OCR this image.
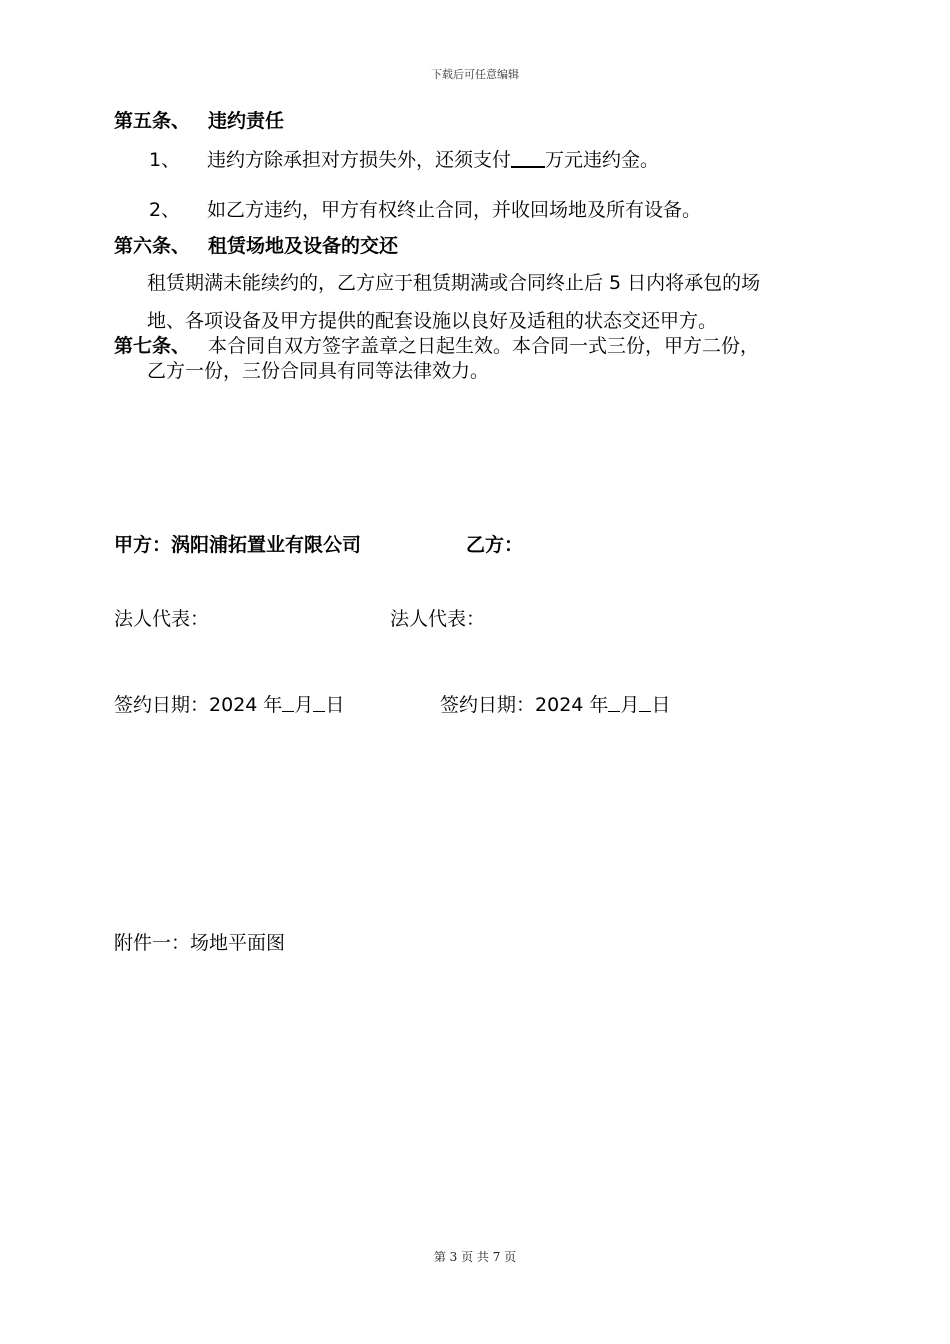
下载后可任意编辑
第五条、 违约责任
1、 违约方除承担对方损失外，还须支付 万元违约金。
2、 如乙方违约，甲方有权终止合同，并收回场地及所有设备。
第六条、 租赁场地及设备的交还
租赁期满未能续约的，乙方应于租赁期满或合同终止后 5 日内将承包的场
地、各项设备及甲方提供的配套设施以良好及适租的状态交还甲方。
第七条、 本合同自双方签字盖章之日起生效。本合同一式三份，甲方二份，
乙方一份，三份合同具有同等法律效力。
甲方：涡阳浦拓置业有限公司	乙方：
法人代表：	法人代表：
签约日期：2024 年 月 日	签约日期：2024 年 月 日
附件一：场地平面图
第 3 页 共 7 页
